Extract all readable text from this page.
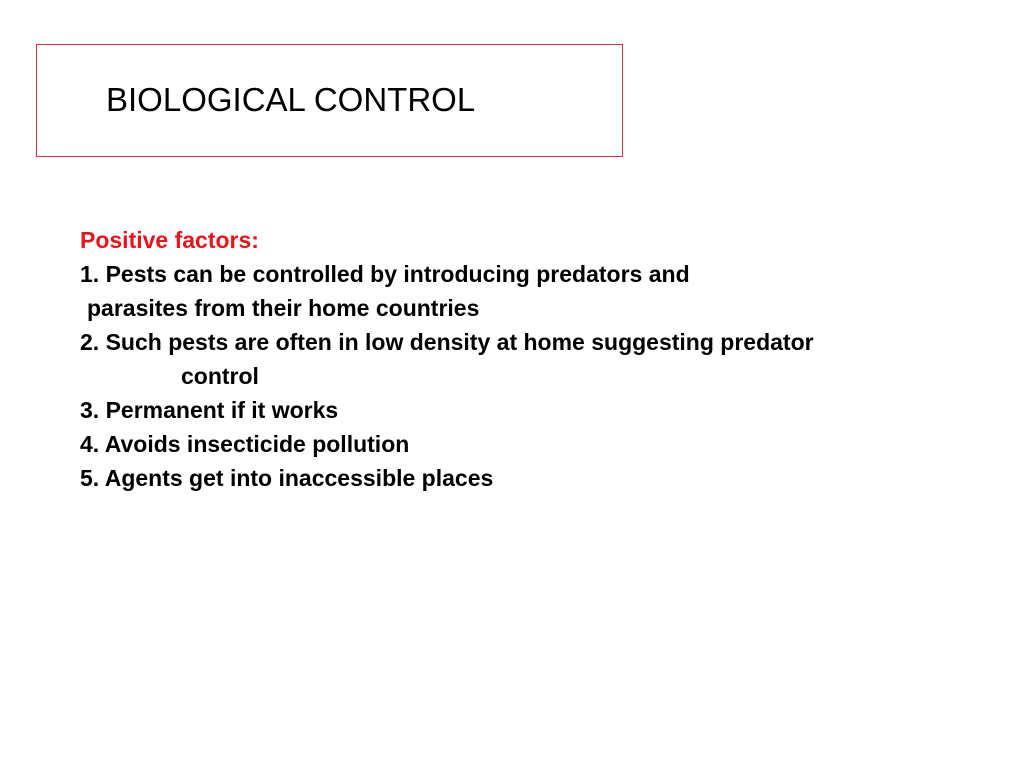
BIOLOGICAL CONTROL

Positive factors:

1. Pests can be controlled by introducing predators and

parasites from their home countries

2. Such pests are often in low density at home suggesting predator

control

3. Permanent if it works

4. Avoids insecticide pollution

5. Agents get into inaccessible places
